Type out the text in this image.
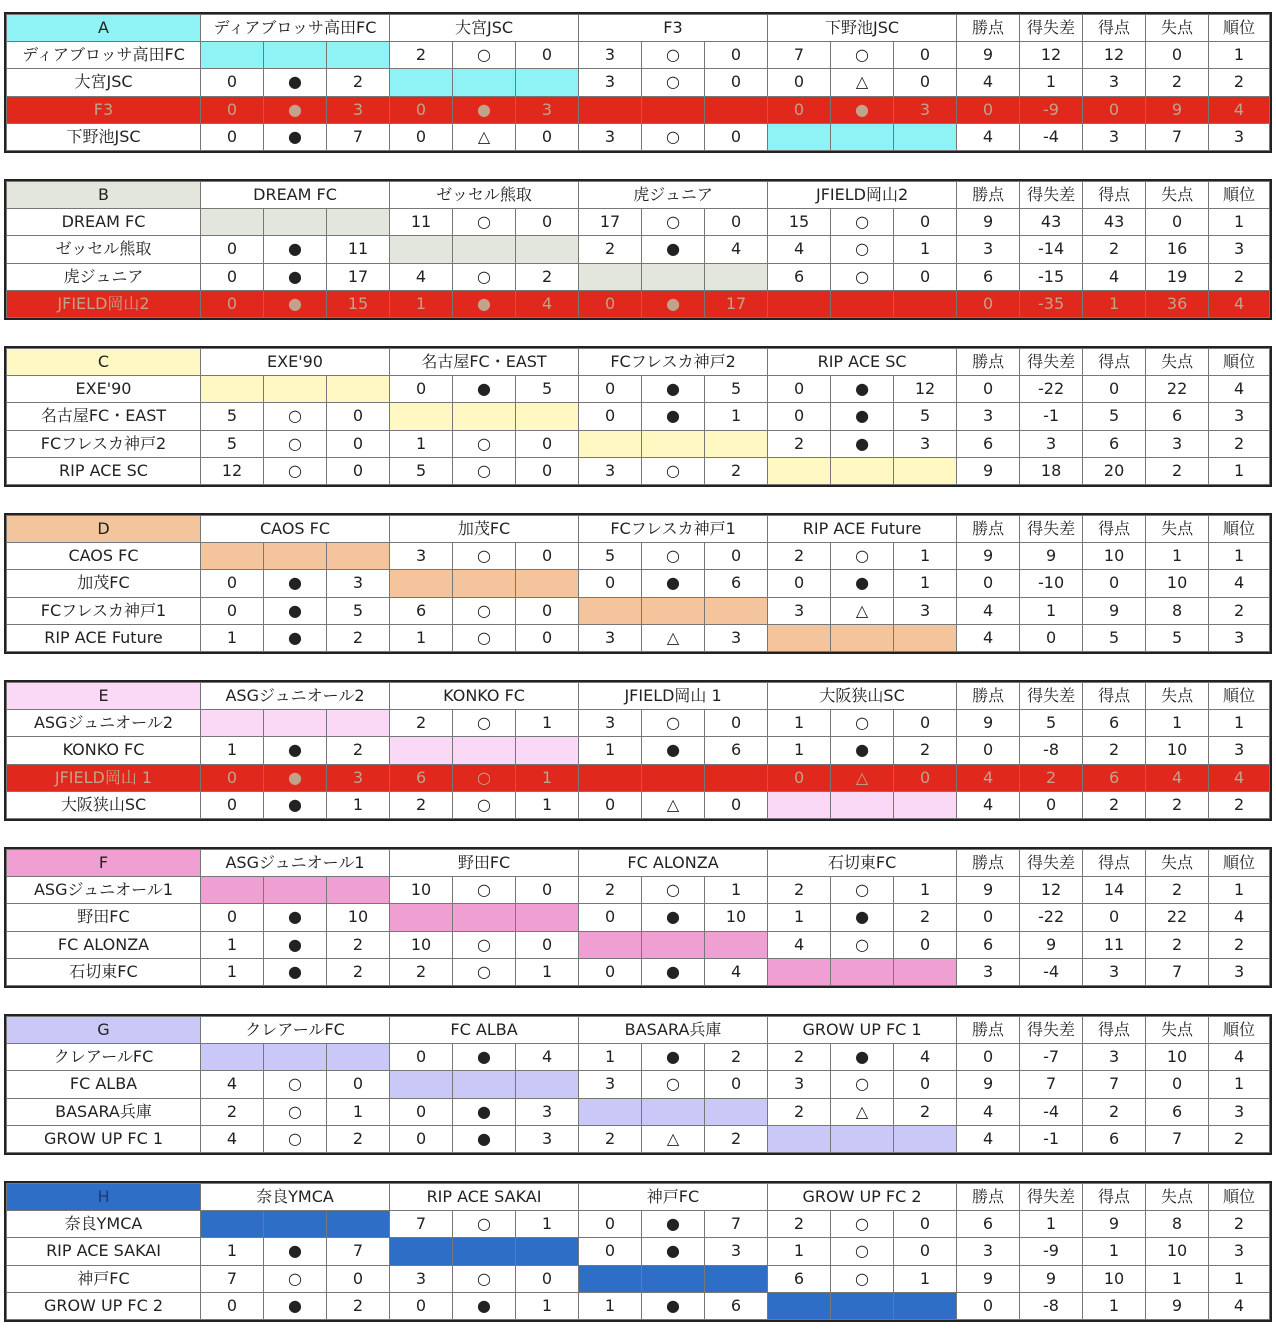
A	ディアブロッサ高田FC			大宮JSC			F3			下野池JSC			勝点	得失差	得点	失点	順位
ディアブロッサ高田FC				2	○	0	3	○	0	7	○	0	9	12	12	0	1
大宮JSC	0	●	2				3	○	0	0	△	0	4	1	3	2	2
F3	0	●	3	0	●	3				0	●	3	0	-9	0	9	4
下野池JSC	0	●	7	0	△	0	3	○	0				4	-4	3	7	3
B	DREAM FC			ゼッセル熊取			虎ジュニア			JFIELD岡山2			勝点	得失差	得点	失点	順位
DREAM FC				11	○	0	17	○	0	15	○	0	9	43	43	0	1
ゼッセル熊取	0	●	11				2	●	4	4	○	1	3	-14	2	16	3
虎ジュニア	0	●	17	4	○	2				6	○	0	6	-15	4	19	2
JFIELD岡山2	0	●	15	1	●	4	0	●	17				0	-35	1	36	4
C	EXE'90			名古屋FC・EAST			FCフレスカ神戸2			RIP ACE SC			勝点	得失差	得点	失点	順位
EXE'90				0	●	5	0	●	5	0	●	12	0	-22	0	22	4
名古屋FC・EAST	5	○	0				0	●	1	0	●	5	3	-1	5	6	3
FCフレスカ神戸2	5	○	0	1	○	0				2	●	3	6	3	6	3	2
RIP ACE SC	12	○	0	5	○	0	3	○	2				9	18	20	2	1
D	CAOS FC			加茂FC			FCフレスカ神戸1			RIP ACE Future			勝点	得失差	得点	失点	順位
CAOS FC				3	○	0	5	○	0	2	○	1	9	9	10	1	1
加茂FC	0	●	3				0	●	6	0	●	1	0	-10	0	10	4
FCフレスカ神戸1	0	●	5	6	○	0				3	△	3	4	1	9	8	2
RIP ACE Future	1	●	2	1	○	0	3	△	3				4	0	5	5	3
E	ASGジュニオール2			KONKO FC			JFIELD岡山 1			大阪狭山SC			勝点	得失差	得点	失点	順位
ASGジュニオール2				2	○	1	3	○	0	1	○	0	9	5	6	1	1
KONKO FC	1	●	2				1	●	6	1	●	2	0	-8	2	10	3
JFIELD岡山 1	0	●	3	6	○	1				0	△	0	4	2	6	4	4
大阪狭山SC	0	●	1	2	○	1	0	△	0				4	0	2	2	2
F	ASGジュニオール1			野田FC			FC ALONZA			石切東FC			勝点	得失差	得点	失点	順位
ASGジュニオール1				10	○	0	2	○	1	2	○	1	9	12	14	2	1
野田FC	0	●	10				0	●	10	1	●	2	0	-22	0	22	4
FC ALONZA	1	●	2	10	○	0				4	○	0	6	9	11	2	2
石切東FC	1	●	2	2	○	1	0	●	4				3	-4	3	7	3
G	クレアールFC			FC ALBA			BASARA兵庫			GROW UP FC 1			勝点	得失差	得点	失点	順位
クレアールFC				0	●	4	1	●	2	2	●	4	0	-7	3	10	4
FC ALBA	4	○	0				3	○	0	3	○	0	9	7	7	0	1
BASARA兵庫	2	○	1	0	●	3				2	△	2	4	-4	2	6	3
GROW UP FC 1	4	○	2	0	●	3	2	△	2				4	-1	6	7	2
H	奈良YMCA			RIP ACE SAKAI			神戸FC			GROW UP FC 2			勝点	得失差	得点	失点	順位
奈良YMCA				7	○	1	0	●	7	2	○	0	6	1	9	8	2
RIP ACE SAKAI	1	●	7				0	●	3	1	○	0	3	-9	1	10	3
神戸FC	7	○	0	3	○	0				6	○	1	9	9	10	1	1
GROW UP FC 2	0	●	2	0	●	1	1	●	6				0	-8	1	9	4
